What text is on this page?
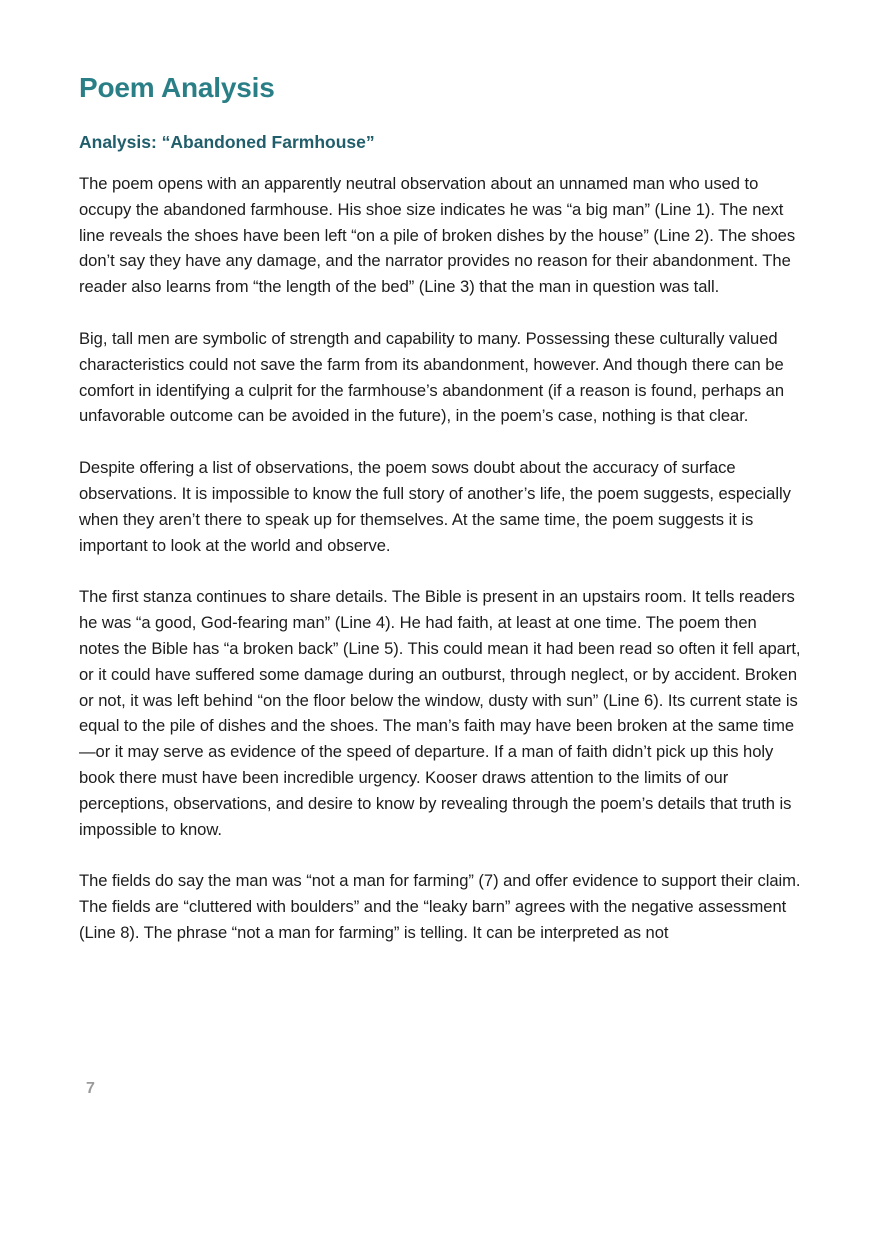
Poem Analysis
Analysis: “Abandoned Farmhouse”

The poem opens with an apparently neutral observation about an unnamed man who used to occupy the abandoned farmhouse. His shoe size indicates he was “a big man” (Line 1). The next line reveals the shoes have been left “on a pile of broken dishes by the house” (Line 2). The shoes don’t say they have any damage, and the narrator provides no reason for their abandonment. The reader also learns from “the length of the bed” (Line 3) that the man in question was tall.

Big, tall men are symbolic of strength and capability to many. Possessing these culturally valued characteristics could not save the farm from its abandonment, however. And though there can be comfort in identifying a culprit for the farmhouse’s abandonment (if a reason is found, perhaps an unfavorable outcome can be avoided in the future), in the poem’s case, nothing is that clear.

Despite offering a list of observations, the poem sows doubt about the accuracy of surface observations. It is impossible to know the full story of another’s life, the poem suggests, especially when they aren’t there to speak up for themselves. At the same time, the poem suggests it is important to look at the world and observe.

The first stanza continues to share details. The Bible is present in an upstairs room. It tells readers he was “a good, God-fearing man” (Line 4). He had faith, at least at one time. The poem then notes the Bible has “a broken back” (Line 5). This could mean it had been read so often it fell apart, or it could have suffered some damage during an outburst, through neglect, or by accident. Broken or not, it was left behind “on the floor below the window, dusty with sun” (Line 6). Its current state is equal to the pile of dishes and the shoes. The man’s faith may have been broken at the same time—or it may serve as evidence of the speed of departure. If a man of faith didn’t pick up this holy book there must have been incredible urgency. Kooser draws attention to the limits of our perceptions, observations, and desire to know by revealing through the poem’s details that truth is impossible to know.

The fields do say the man was “not a man for farming” (7) and offer evidence to support their claim. The fields are “cluttered with boulders” and the “leaky barn” agrees with the negative assessment (Line 8). The phrase “not a man for farming” is telling. It can be interpreted as not

7
